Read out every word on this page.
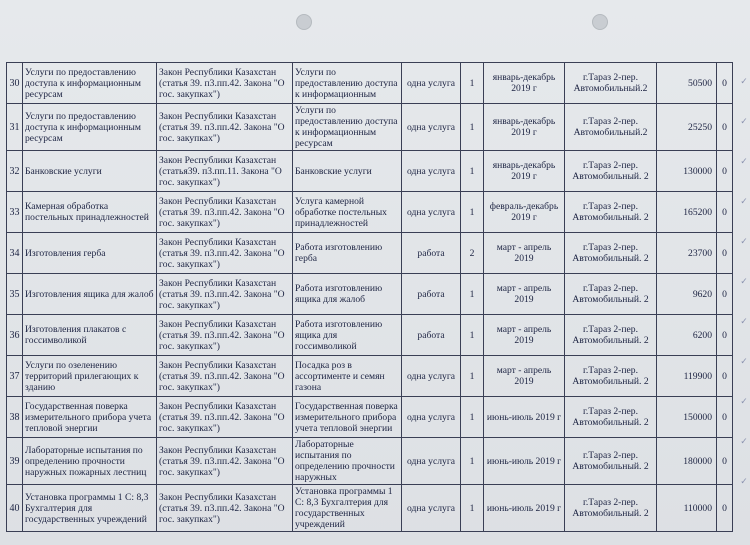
30	Услуги по предоставлению доступа к информационным ресурсам	Закон Республики Казахстан (статья 39. п3.пп.42. Закона "О гос. закупках")	Услуги по предоставлению доступа к информационным	одна услуга	1	январь-декабрь 2019 г	г.Тараз 2-пер. Автомобильный.2	50500	0
31	Услуги по предоставлению доступа к информационным ресурсам	Закон Республики Казахстан (статья 39. п3.пп.42. Закона "О гос. закупках")	Услуги по предоставлению доступа к информационным ресурсам	одна услуга	1	январь-декабрь 2019 г	г.Тараз 2-пер. Автомобильный.2	25250	0
32	Банковские услуги	Закон Республики Казахстан (статья39. п3.пп.11. Закона "О гос. закупках")	Банковские услуги	одна услуга	1	январь-декабрь 2019 г	г.Тараз 2-пер. Автомобильный. 2	130000	0
33	Камерная обработка постельных принадлежностей	Закон Республики Казахстан (статья 39. п3.пп.42. Закона "О гос. закупках")	Услуга камерной обработке постельных принадлежностей	одна услуга	1	февраль-декабрь 2019 г	г.Тараз 2-пер. Автомобильный. 2	165200	0
34	Изготовления герба	Закон Республики Казахстан (статья 39. п3.пп.42. Закона "О гос. закупках")	Работа изготовлению герба	работа	2	март - апрель 2019	г.Тараз 2-пер. Автомобильный. 2	23700	0
35	Изготовления ящика для жалоб	Закон Республики Казахстан (статья 39. п3.пп.42. Закона "О гос. закупках")	Работа изготовлению ящика для жалоб	работа	1	март - апрель 2019	г.Тараз 2-пер. Автомобильный. 2	9620	0
36	Изготовления плакатов с госсимволикой	Закон Республики Казахстан (статья 39. п3.пп.42. Закона "О гос. закупках")	Работа изготовлению ящика для госсимволикой	работа	1	март - апрель 2019	г.Тараз 2-пер. Автомобильный. 2	6200	0
37	Услуги по озеленению территорий прилегающих к зданию	Закон Республики Казахстан (статья 39. п3.пп.42. Закона "О гос. закупках")	Посадка роз в ассортименте и семян газона	одна услуга	1	март - апрель 2019	г.Тараз 2-пер. Автомобильный. 2	119900	0
38	Государственная поверка измерительного прибора учета тепловой энергии	Закон Республики Казахстан (статья 39. п3.пп.42. Закона "О гос. закупках")	Государственная поверка измерительного прибора учета тепловой энергии	одна услуга	1	июнь-июль 2019 г	г.Тараз 2-пер. Автомобильный. 2	150000	0
39	Лабораторные испытания по определению прочности наружных пожарных лестниц	Закон Республики Казахстан (статья 39. п3.пп.42. Закона "О гос. закупках")	Лабораторные испытания по определению прочности наружных	одна услуга	1	июнь-июль 2019 г	г.Тараз 2-пер. Автомобильный. 2	180000	0
40	Установка программы 1 С: 8,3 Бухгалтерия для государственных учреждений	Закон Республики Казахстан (статья 39. п3.пп.42. Закона "О гос. закупках")	Установка программы 1 С: 8,3 Бухгалтерия для государственных учреждений	одна услуга	1	июнь-июль 2019 г	г.Тараз 2-пер. Автомобильный. 2	110000	0
✓
✓
✓
✓
✓
✓
✓
✓
✓
✓
✓
